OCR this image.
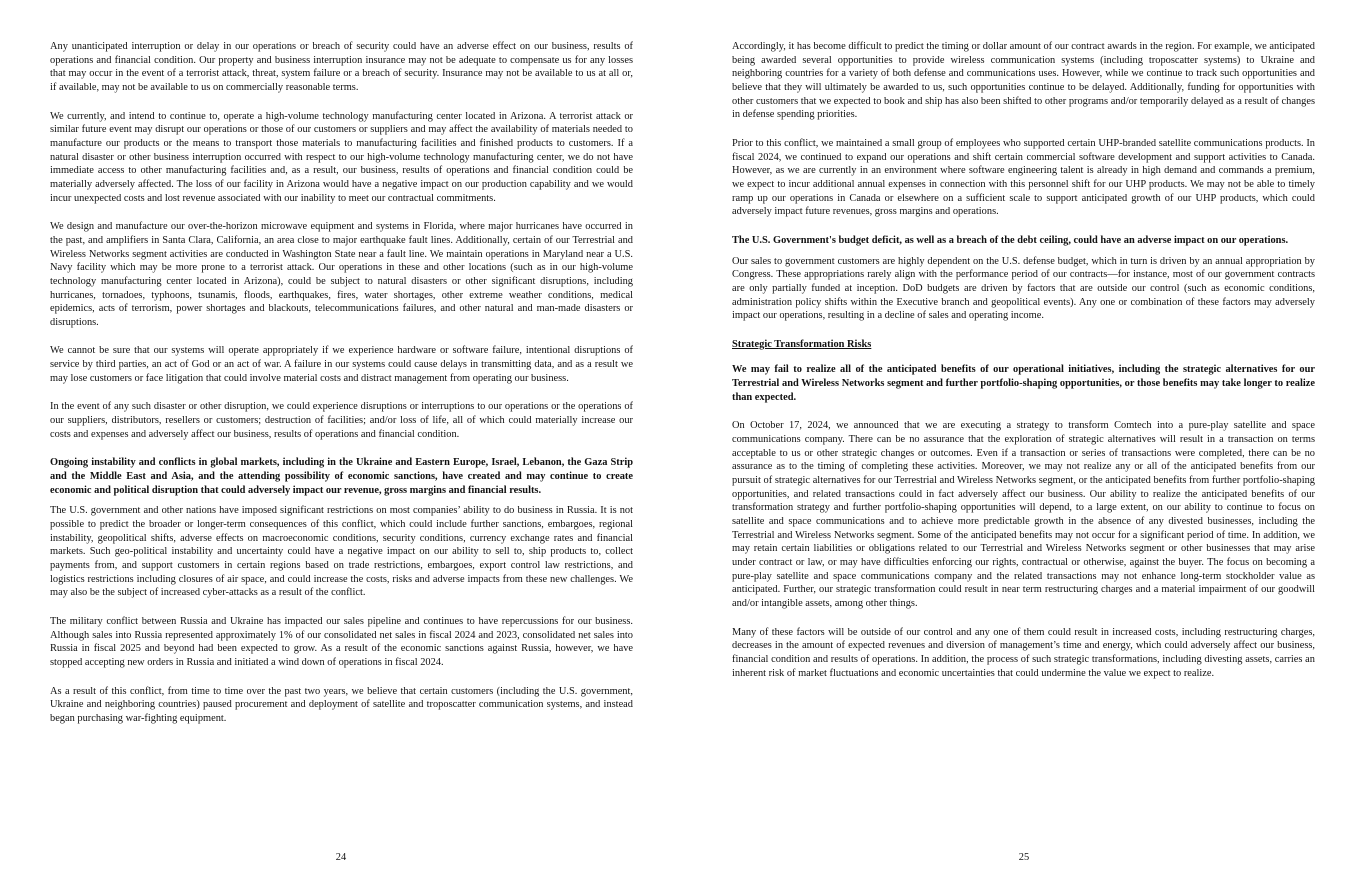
Any unanticipated interruption or delay in our operations or breach of security could have an adverse effect on our business, results of operations and financial condition. Our property and business interruption insurance may not be adequate to compensate us for any losses that may occur in the event of a terrorist attack, threat, system failure or a breach of security. Insurance may not be available to us at all or, if available, may not be available to us on commercially reasonable terms.

We currently, and intend to continue to, operate a high-volume technology manufacturing center located in Arizona. A terrorist attack or similar future event may disrupt our operations or those of our customers or suppliers and may affect the availability of materials needed to manufacture our products or the means to transport those materials to manufacturing facilities and finished products to customers. If a natural disaster or other business interruption occurred with respect to our high-volume technology manufacturing center, we do not have immediate access to other manufacturing facilities and, as a result, our business, results of operations and financial condition could be materially adversely affected. The loss of our facility in Arizona would have a negative impact on our production capability and we would incur unexpected costs and lost revenue associated with our inability to meet our contractual commitments.

We design and manufacture our over-the-horizon microwave equipment and systems in Florida, where major hurricanes have occurred in the past, and amplifiers in Santa Clara, California, an area close to major earthquake fault lines. Additionally, certain of our Terrestrial and Wireless Networks segment activities are conducted in Washington State near a fault line. We maintain operations in Maryland near a U.S. Navy facility which may be more prone to a terrorist attack. Our operations in these and other locations (such as in our high-volume technology manufacturing center located in Arizona), could be subject to natural disasters or other significant disruptions, including hurricanes, tornadoes, typhoons, tsunamis, floods, earthquakes, fires, water shortages, other extreme weather conditions, medical epidemics, acts of terrorism, power shortages and blackouts, telecommunications failures, and other natural and man-made disasters or disruptions.

We cannot be sure that our systems will operate appropriately if we experience hardware or software failure, intentional disruptions of service by third parties, an act of God or an act of war. A failure in our systems could cause delays in transmitting data, and as a result we may lose customers or face litigation that could involve material costs and distract management from operating our business.

In the event of any such disaster or other disruption, we could experience disruptions or interruptions to our operations or the operations of our suppliers, distributors, resellers or customers; destruction of facilities; and/or loss of life, all of which could materially increase our costs and expenses and adversely affect our business, results of operations and financial condition.

Ongoing instability and conflicts in global markets, including in the Ukraine and Eastern Europe, Israel, Lebanon, the Gaza Strip and the Middle East and Asia, and the attending possibility of economic sanctions, have created and may continue to create economic and political disruption that could adversely impact our revenue, gross margins and financial results.

The U.S. government and other nations have imposed significant restrictions on most companies’ ability to do business in Russia. It is not possible to predict the broader or longer-term consequences of this conflict, which could include further sanctions, embargoes, regional instability, geopolitical shifts, adverse effects on macroeconomic conditions, security conditions, currency exchange rates and financial markets. Such geo-political instability and uncertainty could have a negative impact on our ability to sell to, ship products to, collect payments from, and support customers in certain regions based on trade restrictions, embargoes, export control law restrictions, and logistics restrictions including closures of air space, and could increase the costs, risks and adverse impacts from these new challenges. We may also be the subject of increased cyber-attacks as a result of the conflict.

The military conflict between Russia and Ukraine has impacted our sales pipeline and continues to have repercussions for our business. Although sales into Russia represented approximately 1% of our consolidated net sales in fiscal 2024 and 2023, consolidated net sales into Russia in fiscal 2025 and beyond had been expected to grow. As a result of the economic sanctions against Russia, however, we have stopped accepting new orders in Russia and initiated a wind down of operations in fiscal 2024.

As a result of this conflict, from time to time over the past two years, we believe that certain customers (including the U.S. government, Ukraine and neighboring countries) paused procurement and deployment of satellite and troposcatter communication systems, and instead began purchasing war-fighting equipment.

24

Accordingly, it has become difficult to predict the timing or dollar amount of our contract awards in the region. For example, we anticipated being awarded several opportunities to provide wireless communication systems (including troposcatter systems) to Ukraine and neighboring countries for a variety of both defense and communications uses. However, while we continue to track such opportunities and believe that they will ultimately be awarded to us, such opportunities continue to be delayed. Additionally, funding for opportunities with other customers that we expected to book and ship has also been shifted to other programs and/or temporarily delayed as a result of changes in defense spending priorities.

Prior to this conflict, we maintained a small group of employees who supported certain UHP-branded satellite communications products. In fiscal 2024, we continued to expand our operations and shift certain commercial software development and support activities to Canada. However, as we are currently in an environment where software engineering talent is already in high demand and commands a premium, we expect to incur additional annual expenses in connection with this personnel shift for our UHP products. We may not be able to timely ramp up our operations in Canada or elsewhere on a sufficient scale to support anticipated growth of our UHP products, which could adversely impact future revenues, gross margins and operations.

The U.S. Government's budget deficit, as well as a breach of the debt ceiling, could have an adverse impact on our operations.

Our sales to government customers are highly dependent on the U.S. defense budget, which in turn is driven by an annual appropriation by Congress. These appropriations rarely align with the performance period of our contracts—for instance, most of our government contracts are only partially funded at inception. DoD budgets are driven by factors that are outside our control (such as economic conditions, administration policy shifts within the Executive branch and geopolitical events). Any one or combination of these factors may adversely impact our operations, resulting in a decline of sales and operating income.

Strategic Transformation Risks

We may fail to realize all of the anticipated benefits of our operational initiatives, including the strategic alternatives for our Terrestrial and Wireless Networks segment and further portfolio-shaping opportunities, or those benefits may take longer to realize than expected.

On October 17, 2024, we announced that we are executing a strategy to transform Comtech into a pure-play satellite and space communications company. There can be no assurance that the exploration of strategic alternatives will result in a transaction on terms acceptable to us or other strategic changes or outcomes. Even if a transaction or series of transactions were completed, there can be no assurance as to the timing of completing these activities. Moreover, we may not realize any or all of the anticipated benefits from our pursuit of strategic alternatives for our Terrestrial and Wireless Networks segment, or the anticipated benefits from further portfolio-shaping opportunities, and related transactions could in fact adversely affect our business. Our ability to realize the anticipated benefits of our transformation strategy and further portfolio-shaping opportunities will depend, to a large extent, on our ability to continue to focus on satellite and space communications and to achieve more predictable growth in the absence of any divested businesses, including the Terrestrial and Wireless Networks segment. Some of the anticipated benefits may not occur for a significant period of time. In addition, we may retain certain liabilities or obligations related to our Terrestrial and Wireless Networks segment or other businesses that may arise under contract or law, or may have difficulties enforcing our rights, contractual or otherwise, against the buyer. The focus on becoming a pure-play satellite and space communications company and the related transactions may not enhance long-term stockholder value as anticipated. Further, our strategic transformation could result in near term restructuring charges and a material impairment of our goodwill and/or intangible assets, among other things.

Many of these factors will be outside of our control and any one of them could result in increased costs, including restructuring charges, decreases in the amount of expected revenues and diversion of management’s time and energy, which could adversely affect our business, financial condition and results of operations. In addition, the process of such strategic transformations, including divesting assets, carries an inherent risk of market fluctuations and economic uncertainties that could undermine the value we expect to realize.

25
